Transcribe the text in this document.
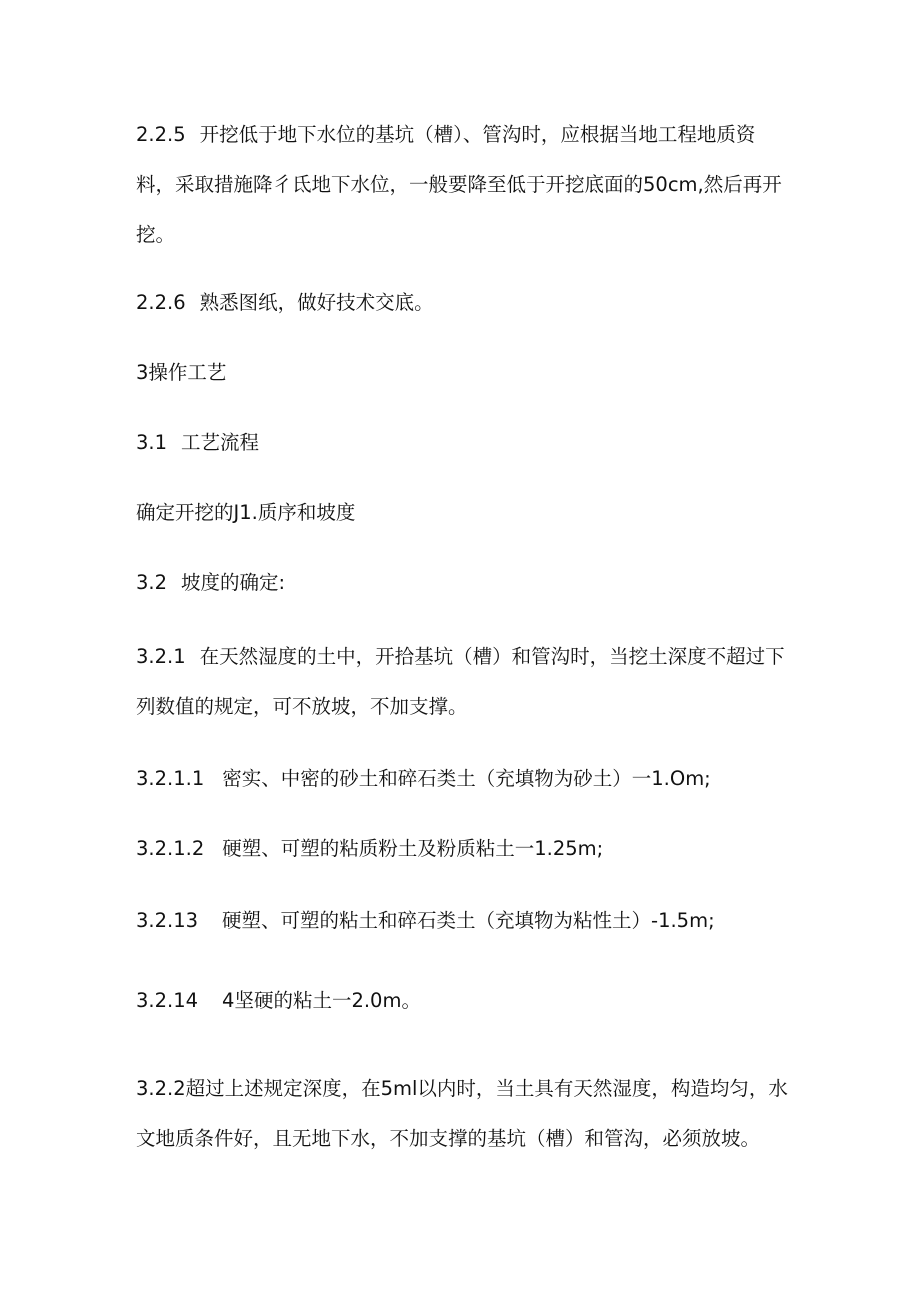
2.2.5 开挖低于地下水位的基坑（槽）、管沟时，应根据当地工程地质资料，采取措施降彳氐地下水位，一般要降至低于开挖底面的50cm,然后再开挖。

2.2.6 熟悉图纸，做好技术交底。

3操作工艺

3.1 工艺流程

确定开挖的J1.质序和坡度

3.2 坡度的确定:

3.2.1 在天然湿度的土中，开拾基坑（槽）和管沟时，当挖土深度不超过下列数值的规定，可不放坡，不加支撑。

3.2.1.1 密实、中密的砂土和碎石类土（充填物为砂土）一1.Om;

3.2.1.2 硬塑、可塑的粘质粉土及粉质粘土一1.25m;

3.2.13 硬塑、可塑的粘土和碎石类土（充填物为粘性土）-1.5m;

3.2.14 4坚硬的粘土一2.0m。

3.2.2超过上述规定深度，在5ml以内时，当土具有天然湿度，构造均匀，水文地质条件好，且无地下水，不加支撑的基坑（槽）和管沟，必须放坡。
